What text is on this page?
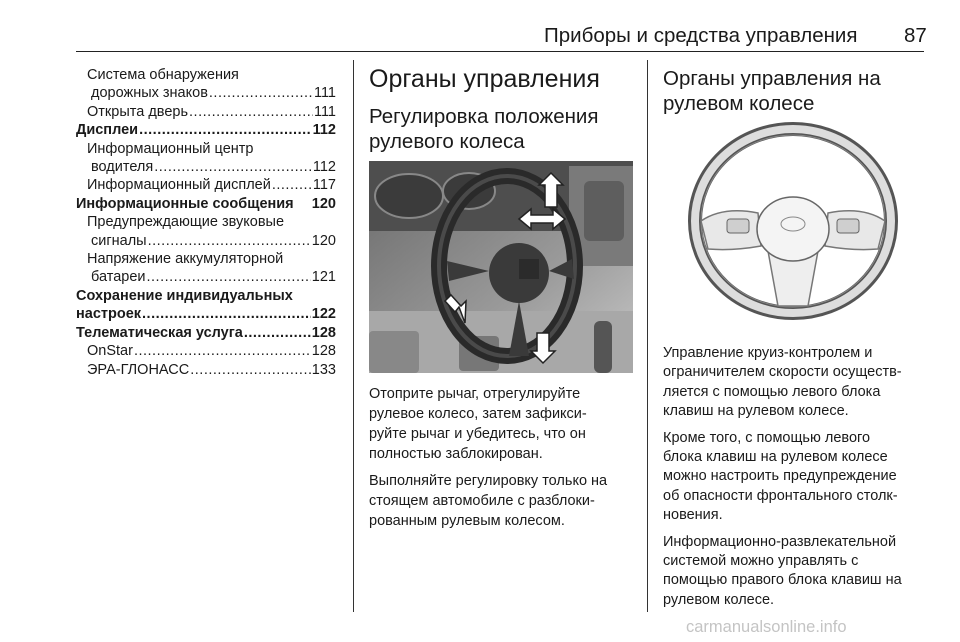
Приборы и средства управления 87
Система обнаружения
дорожных знаков .....	111
Открыта дверь .....	111
Дисплеи .....	112
Информационный центр
водителя .....	112
Информационный дисплей .....	117
Информационные сообщения 120
Предупреждающие звуковые
сигналы .....	120
Напряжение аккумуляторной
батареи .....	121
Сохранение индивидуальных
настроек .....	122
Телематическая услуга .....	128
OnStar .....	128
ЭРА-ГЛОНАСС .....	133
Органы управления
Регулировка положения
рулевого колеса

Отоприте рычаг, отрегулируйте
рулевое колесо, затем зафикси-
руйте рычаг и убедитесь, что он
полностью заблокирован.

Выполняйте регулировку только на
стоящем автомобиле с разблоки-
рованным рулевым колесом.

Органы управления на
рулевом колесе

Управление круиз-контролем и
ограничителем скорости осуществ-
ляется с помощью левого блока
клавиш на рулевом колесе.

Кроме того, с помощью левого
блока клавиш на рулевом колесе
можно настроить предупреждение
об опасности фронтального столк-
новения.

Информационно-развлекательной
системой можно управлять с
помощью правого блока клавиш на
рулевом колесе.

carmanualsonline.info
